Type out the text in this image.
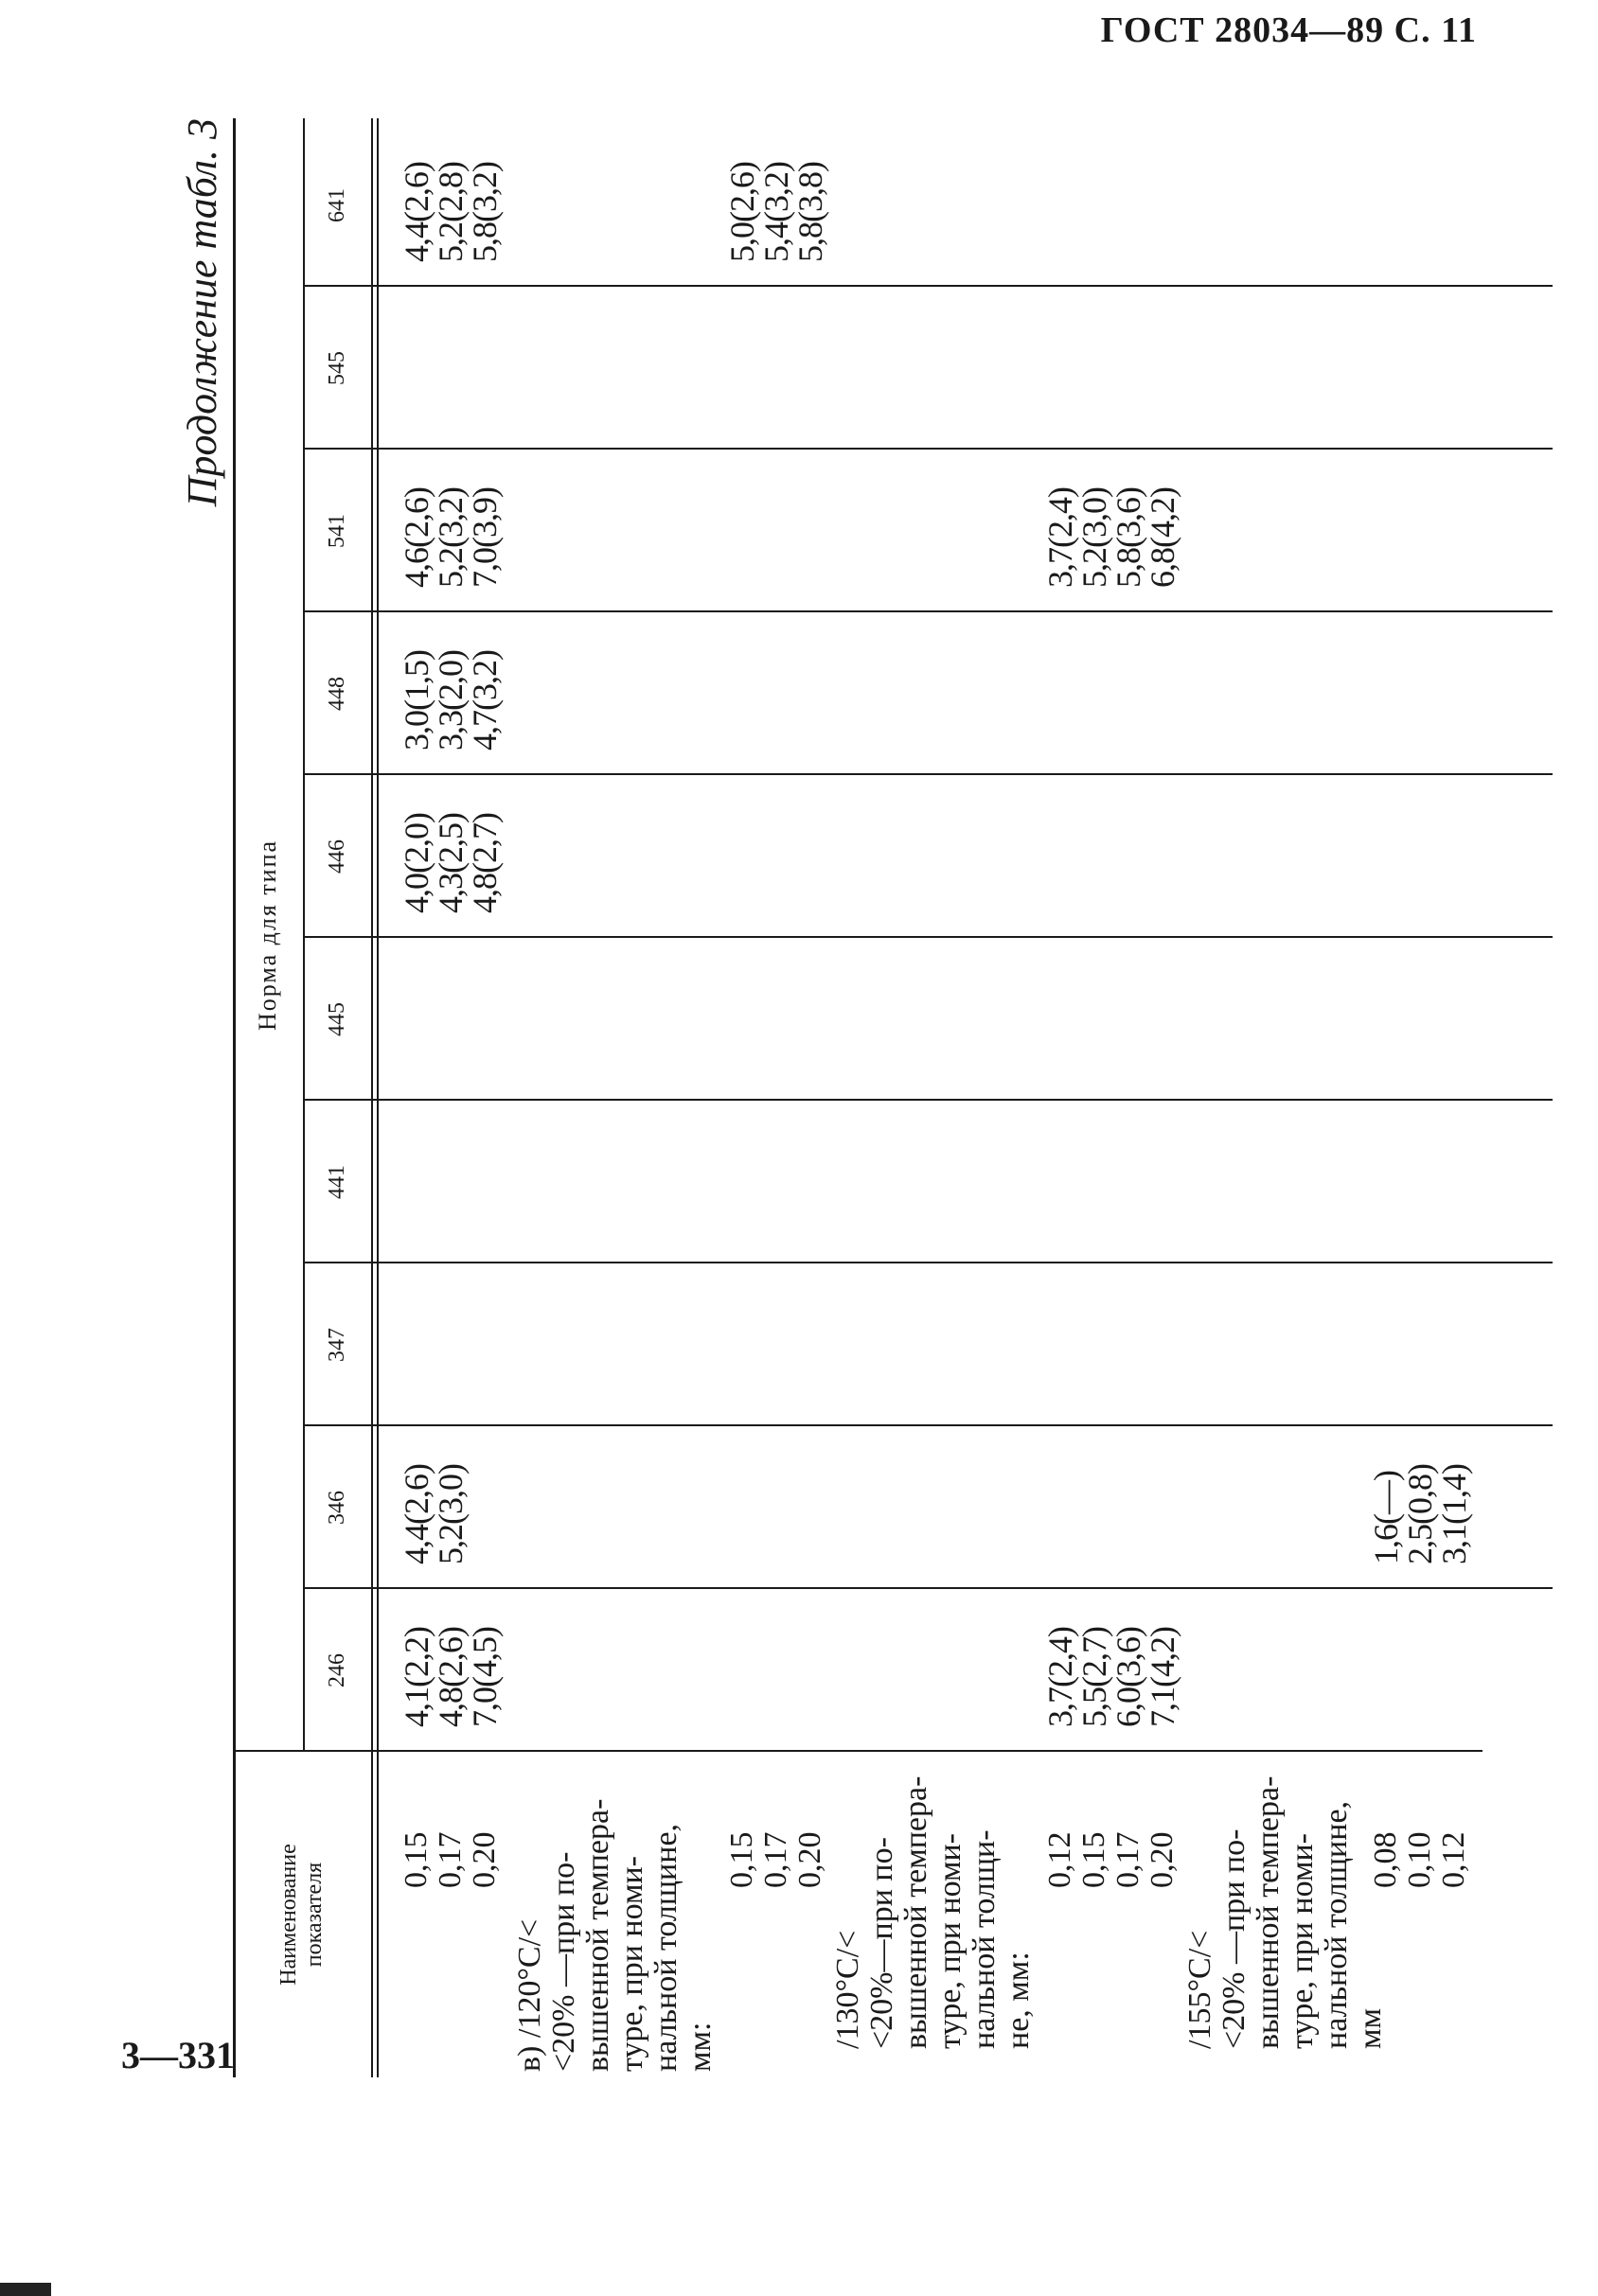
ГОСТ 28034—89 С. 11
Продолжение табл. 3
Наименование показателя
Норма для типа
246
346
347
441
445
446
448
541
545
641
0,15
0,17
0,20
4,1(2,2)
4,8(2,6)
7,0(4,5)
4,4(2,6)
5,2(3,0)
4,0(2,0)
4,3(2,5)
4,8(2,7)
3,0(1,5)
3,3(2,0)
4,7(3,2)
4,6(2,6)
5,2(3,2)
7,0(3,9)
4,4(2,6)
5,2(2,8)
5,8(3,2)
в) /120°С/<
<20% —при по-
вышенной темпера-
туре, при номи-
нальной толщине,
мм:
0,15
0,17
0,20
5,0(2,6)
5,4(3,2)
5,8(3,8)
/130°С/<
<20%—при по-
вышенной темпера-
туре, при номи-
нальной толщи-
не, мм:
0,12
0,15
0,17
0,20
3,7(2,4)
5,5(2,7)
6,0(3,6)
7,1(4,2)
3,7(2,4)
5,2(3,0)
5,8(3,6)
6,8(4,2)
/155°С/<
<20% —при по-
вышенной темпера-
туре, при номи-
нальной толщине,
мм
0,08
0,10
0,12
1,6(—)
2,5(0,8)
3,1(1,4)
3—331
